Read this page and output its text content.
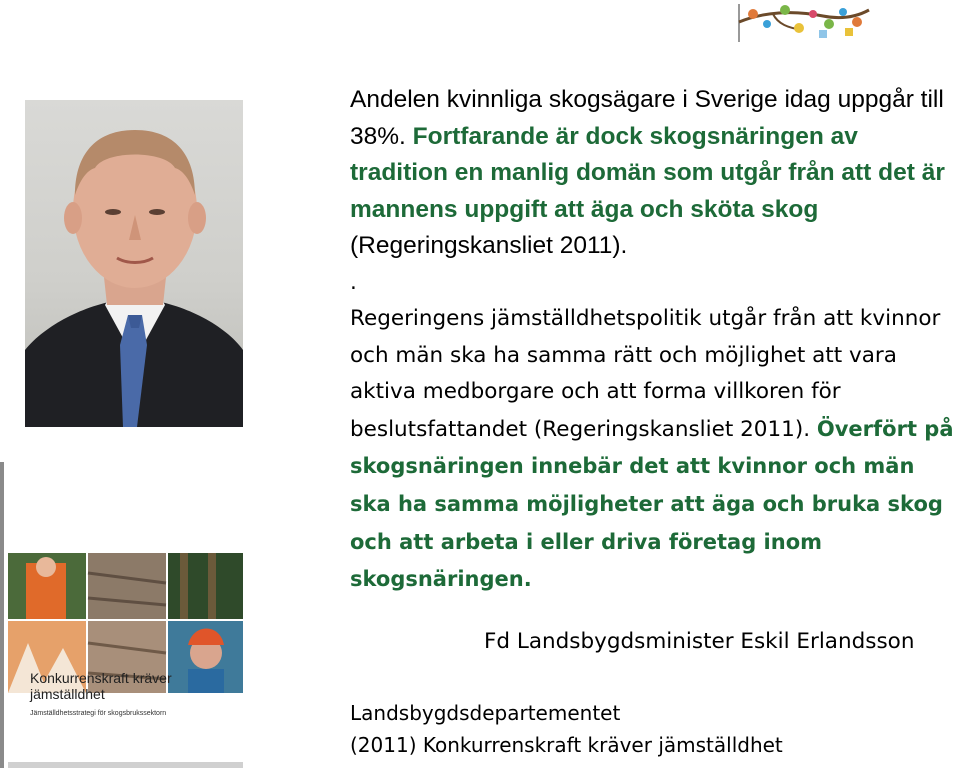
Konkurrenskraft kräver
jämställdhet
Jämställdhetsstrategi för skogsbrukssektorn
Andelen kvinnliga skogsägare i Sverige idag uppgår till 38%. Fortfarande är dock skogsnäringen av tradition en manlig domän som utgår från att det är mannens uppgift att äga och sköta skog (Regeringskansliet 2011).
.
Regeringens jämställdhetspolitik utgår från att kvinnor och män ska ha samma rätt och möjlighet att vara aktiva medborgare och att forma villkoren för beslutsfattandet (Regeringskansliet 2011). Överfört på skogsnäringen innebär det att kvinnor och män ska ha samma möjligheter att äga och bruka skog och att arbeta i eller driva företag inom skogsnäringen.
Fd Landsbygdsminister Eskil Erlandsson
Landsbygdsdepartementet
(2011) Konkurrenskraft kräver jämställdhet
